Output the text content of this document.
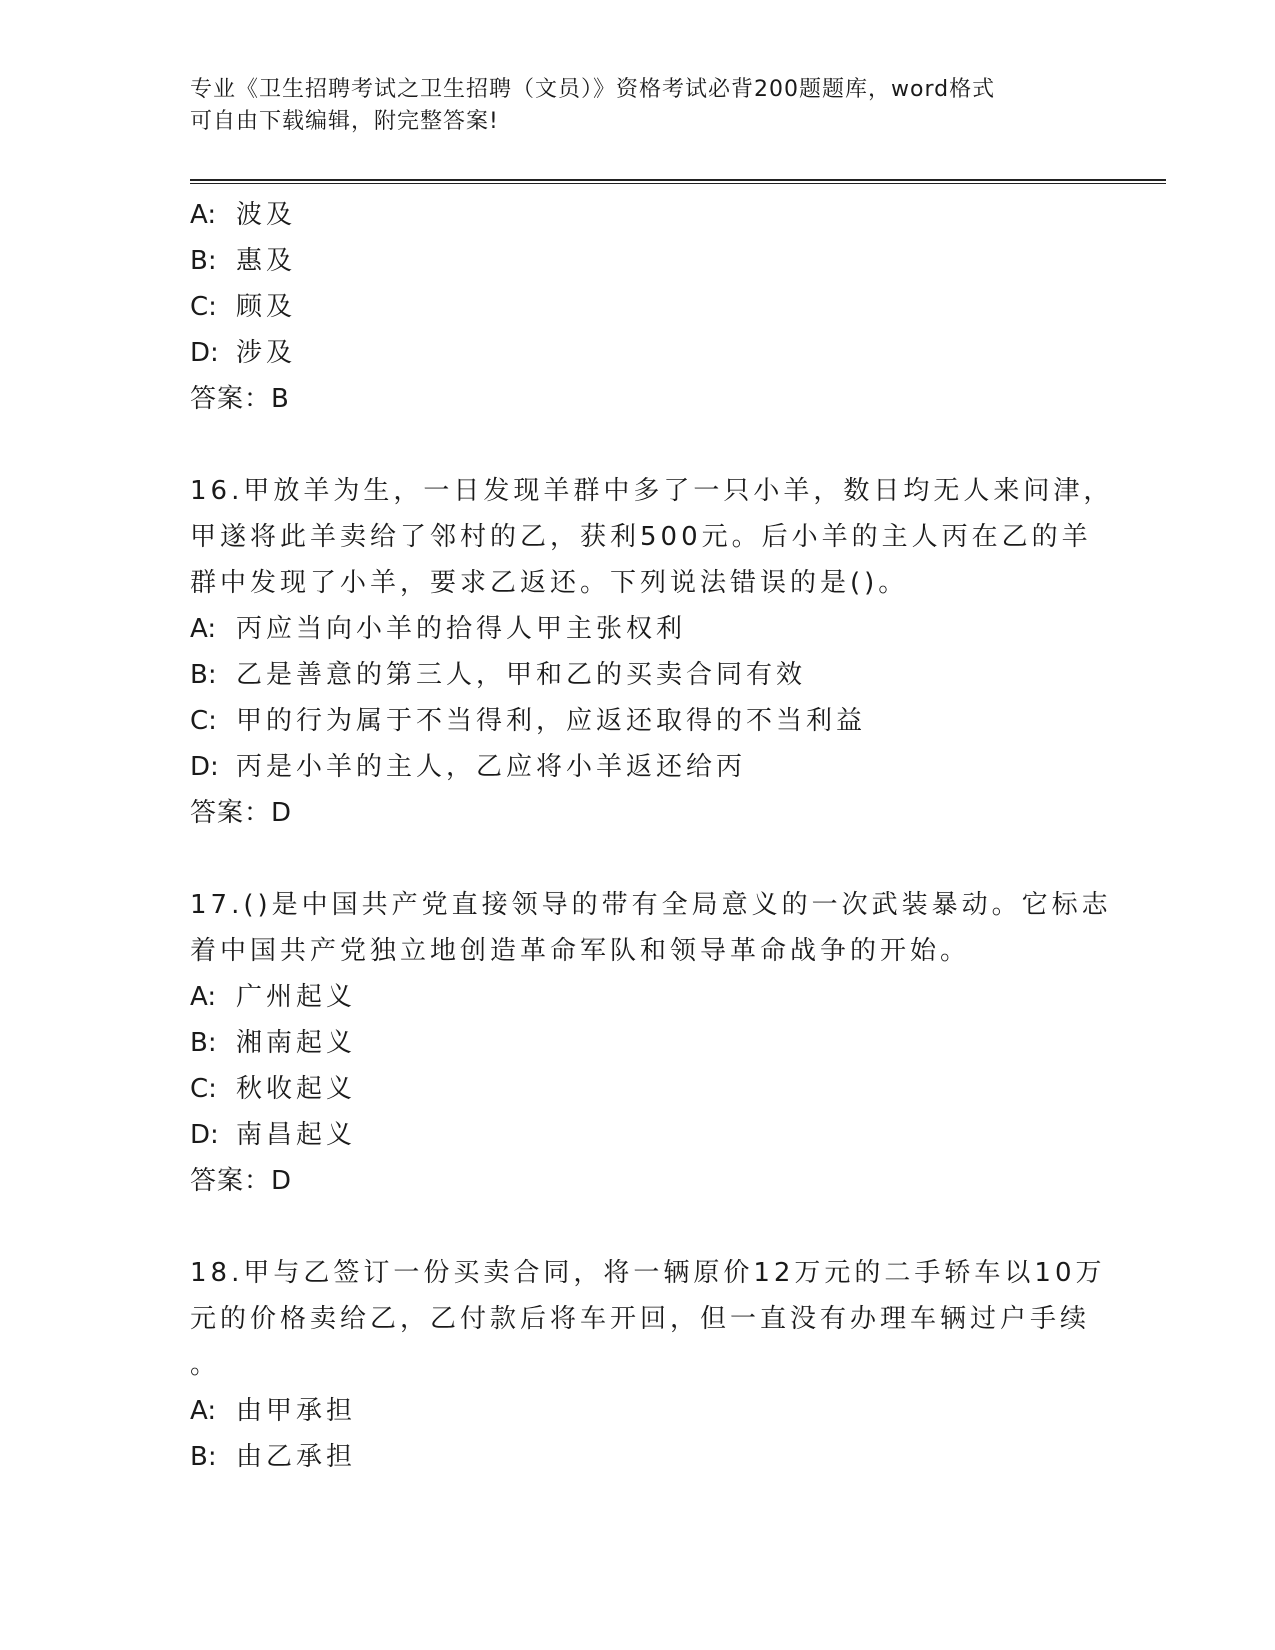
专业《卫生招聘考试之卫生招聘（文员）》资格考试必背200题题库，word格式
可自由下载编辑，附完整答案!
A: 波及
B: 惠及
C: 顾及
D: 涉及
答案：B
16.甲放羊为生，一日发现羊群中多了一只小羊，数日均无人来问津，
甲遂将此羊卖给了邻村的乙，获利500元。后小羊的主人丙在乙的羊
群中发现了小羊，要求乙返还。下列说法错误的是()。
A: 丙应当向小羊的拾得人甲主张权利
B: 乙是善意的第三人，甲和乙的买卖合同有效
C: 甲的行为属于不当得利，应返还取得的不当利益
D: 丙是小羊的主人，乙应将小羊返还给丙
答案：D
17.()是中国共产党直接领导的带有全局意义的一次武装暴动。它标志
着中国共产党独立地创造革命军队和领导革命战争的开始。
A: 广州起义
B: 湘南起义
C: 秋收起义
D: 南昌起义
答案：D
18.甲与乙签订一份买卖合同，将一辆原价12万元的二手轿车以10万
元的价格卖给乙，乙付款后将车开回，但一直没有办理车辆过户手续
。
A: 由甲承担
B: 由乙承担
